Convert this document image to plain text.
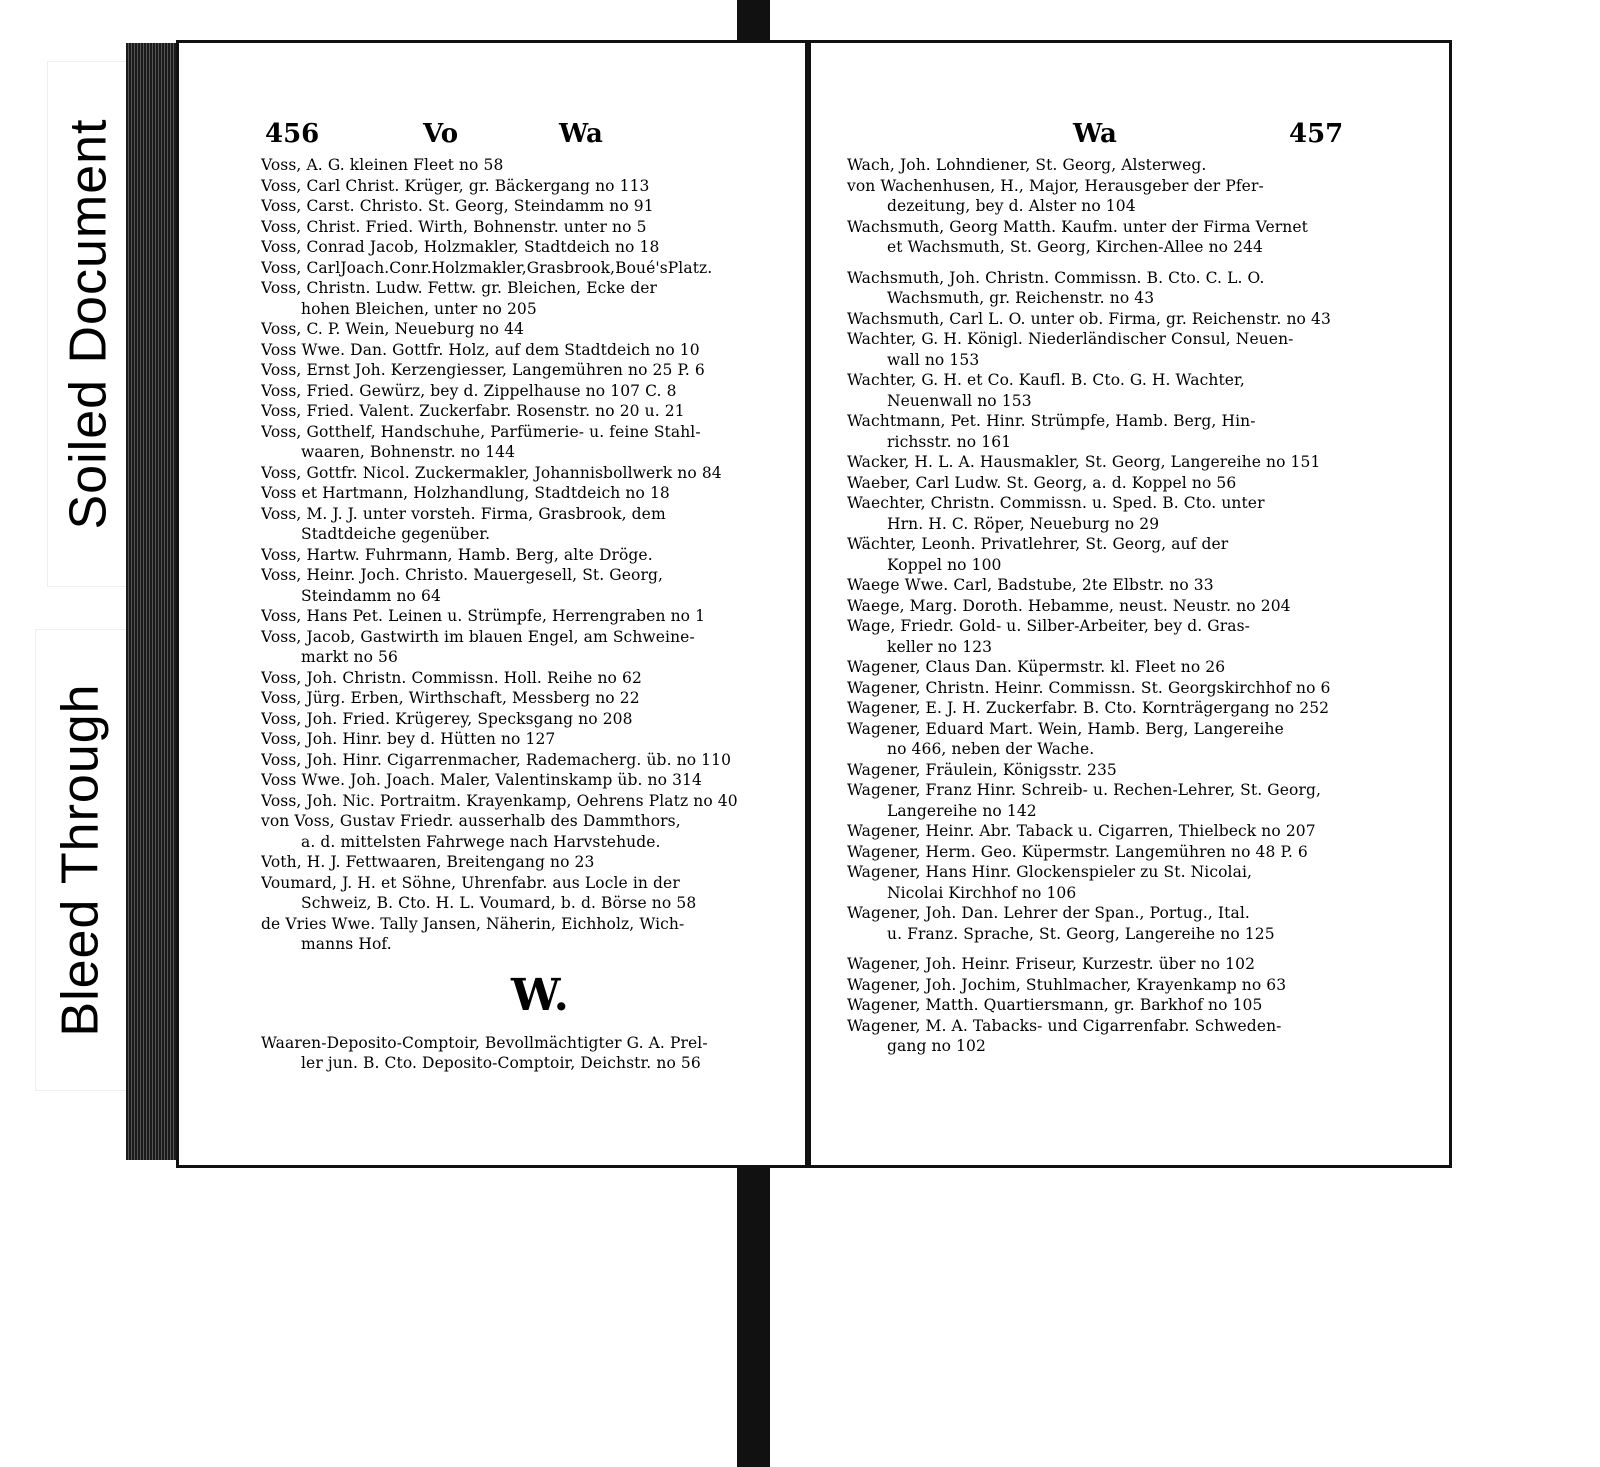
Soiled Document
Bleed Through
456	Vo	Wa
Voss, A. G. kleinen Fleet no 58
Voss, Carl Christ. Krüger, gr. Bäckergang no 113
Voss, Carst. Christo. St. Georg, Steindamm no 91
Voss, Christ. Fried. Wirth, Bohnenstr. unter no 5
Voss, Conrad Jacob, Holzmakler, Stadtdeich no 18
Voss, CarlJoach.Conr.Holzmakler,Grasbrook,Boué'sPlatz.
Voss, Christn. Ludw. Fettw. gr. Bleichen, Ecke der
hohen Bleichen, unter no 205
Voss, C. P. Wein, Neueburg no 44
Voss Wwe. Dan. Gottfr. Holz, auf dem Stadtdeich no 10
Voss, Ernst Joh. Kerzengiesser, Langemühren no 25 P. 6
Voss, Fried. Gewürz, bey d. Zippelhause no 107 C. 8
Voss, Fried. Valent. Zuckerfabr. Rosenstr. no 20 u. 21
Voss, Gotthelf, Handschuhe, Parfümerie- u. feine Stahl-
waaren, Bohnenstr. no 144
Voss, Gottfr. Nicol. Zuckermakler, Johannisbollwerk no 84
Voss et Hartmann, Holzhandlung, Stadtdeich no 18
Voss, M. J. J. unter vorsteh. Firma, Grasbrook, dem
Stadtdeiche gegenüber.
Voss, Hartw. Fuhrmann, Hamb. Berg, alte Dröge.
Voss, Heinr. Joch. Christo. Mauergesell, St. Georg,
Steindamm no 64
Voss, Hans Pet. Leinen u. Strümpfe, Herrengraben no 1
Voss, Jacob, Gastwirth im blauen Engel, am Schweine-
markt no 56
Voss, Joh. Christn. Commissn. Holl. Reihe no 62
Voss, Jürg. Erben, Wirthschaft, Messberg no 22
Voss, Joh. Fried. Krügerey, Specksgang no 208
Voss, Joh. Hinr. bey d. Hütten no 127
Voss, Joh. Hinr. Cigarrenmacher, Rademacherg. üb. no 110
Voss Wwe. Joh. Joach. Maler, Valentinskamp üb. no 314
Voss, Joh. Nic. Portraitm. Krayenkamp, Oehrens Platz no 40
von Voss, Gustav Friedr. ausserhalb des Dammthors,
a. d. mittelsten Fahrwege nach Harvstehude.
Voth, H. J. Fettwaaren, Breitengang no 23
Voumard, J. H. et Söhne, Uhrenfabr. aus Locle in der
Schweiz, B. Cto. H. L. Voumard, b. d. Börse no 58
de Vries Wwe. Tally Jansen, Näherin, Eichholz, Wich-
manns Hof.
W.
Waaren-Deposito-Comptoir, Bevollmächtigter G. A. Prel-
ler jun. B. Cto. Deposito-Comptoir, Deichstr. no 56
Wa	457
Wach, Joh. Lohndiener, St. Georg, Alsterweg.
von Wachenhusen, H., Major, Herausgeber der Pfer-
dezeitung, bey d. Alster no 104
Wachsmuth, Georg Matth. Kaufm. unter der Firma Vernet
et Wachsmuth, St. Georg, Kirchen-Allee no 244
Wachsmuth, Joh. Christn. Commissn. B. Cto. C. L. O.
Wachsmuth, gr. Reichenstr. no 43
Wachsmuth, Carl L. O. unter ob. Firma, gr. Reichenstr. no 43
Wachter, G. H. Königl. Niederländischer Consul, Neuen-
wall no 153
Wachter, G. H. et Co. Kaufl. B. Cto. G. H. Wachter,
Neuenwall no 153
Wachtmann, Pet. Hinr. Strümpfe, Hamb. Berg, Hin-
richsstr. no 161
Wacker, H. L. A. Hausmakler, St. Georg, Langereihe no 151
Waeber, Carl Ludw. St. Georg, a. d. Koppel no 56
Waechter, Christn. Commissn. u. Sped. B. Cto. unter
Hrn. H. C. Röper, Neueburg no 29
Wächter, Leonh. Privatlehrer, St. Georg, auf der
Koppel no 100
Waege Wwe. Carl, Badstube, 2te Elbstr. no 33
Waege, Marg. Doroth. Hebamme, neust. Neustr. no 204
Wage, Friedr. Gold- u. Silber-Arbeiter, bey d. Gras-
keller no 123
Wagener, Claus Dan. Küpermstr. kl. Fleet no 26
Wagener, Christn. Heinr. Commissn. St. Georgskirchhof no 6
Wagener, E. J. H. Zuckerfabr. B. Cto. Kornträgergang no 252
Wagener, Eduard Mart. Wein, Hamb. Berg, Langereihe
no 466, neben der Wache.
Wagener, Fräulein, Königsstr. 235
Wagener, Franz Hinr. Schreib- u. Rechen-Lehrer, St. Georg,
Langereihe no 142
Wagener, Heinr. Abr. Taback u. Cigarren, Thielbeck no 207
Wagener, Herm. Geo. Küpermstr. Langemühren no 48 P. 6
Wagener, Hans Hinr. Glockenspieler zu St. Nicolai,
Nicolai Kirchhof no 106
Wagener, Joh. Dan. Lehrer der Span., Portug., Ital.
u. Franz. Sprache, St. Georg, Langereihe no 125
Wagener, Joh. Heinr. Friseur, Kurzestr. über no 102
Wagener, Joh. Jochim, Stuhlmacher, Krayenkamp no 63
Wagener, Matth. Quartiersmann, gr. Barkhof no 105
Wagener, M. A. Tabacks- und Cigarrenfabr. Schweden-
gang no 102
